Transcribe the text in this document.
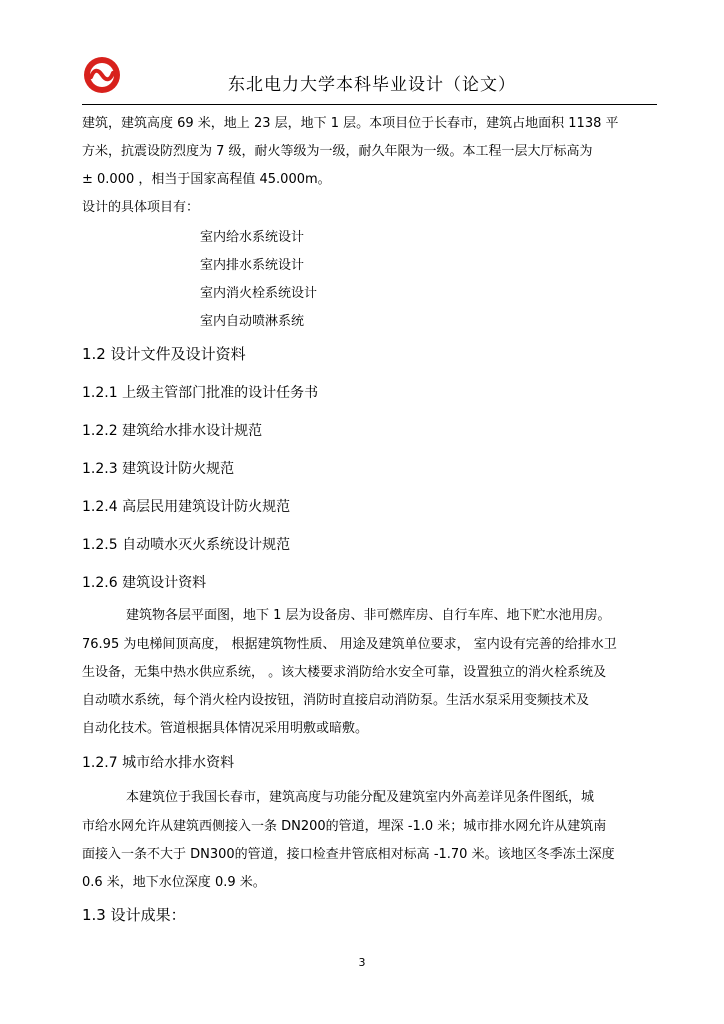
东北电力大学本科毕业设计（论文）
建筑，建筑高度 69 米，地上 23 层，地下 1 层。本项目位于长春市，建筑占地面积 1138 平
方米，抗震设防烈度为 7 级，耐火等级为一级，耐久年限为一级。本工程一层大厅标高为
± 0.000 ，相当于国家高程值 45.000m。
设计的具体项目有：
室内给水系统设计
室内排水系统设计
室内消火栓系统设计
室内自动喷淋系统
1.2 设计文件及设计资料
1.2.1 上级主管部门批准的设计任务书
1.2.2 建筑给水排水设计规范
1.2.3 建筑设计防火规范
1.2.4 高层民用建筑设计防火规范
1.2.5 自动喷水灭火系统设计规范
1.2.6 建筑设计资料
建筑物各层平面图，地下 1 层为设备房、非可燃库房、自行车库、地下贮水池用房。
76.95 为电梯间顶高度， 根据建筑物性质、 用途及建筑单位要求， 室内设有完善的给排水卫
生设备，无集中热水供应系统， 。该大楼要求消防给水安全可靠，设置独立的消火栓系统及
自动喷水系统，每个消火栓内设按钮，消防时直接启动消防泵。生活水泵采用变频技术及
自动化技术。管道根据具体情况采用明敷或暗敷。
1.2.7 城市给水排水资料
本建筑位于我国长春市，建筑高度与功能分配及建筑室内外高差详见条件图纸，城
市给水网允许从建筑西侧接入一条 DN200的管道，埋深 -1.0 米；城市排水网允许从建筑南
面接入一条不大于 DN300的管道，接口检查井管底相对标高 -1.70 米。该地区冬季冻土深度
0.6 米，地下水位深度 0.9 米。
1.3 设计成果：
3
